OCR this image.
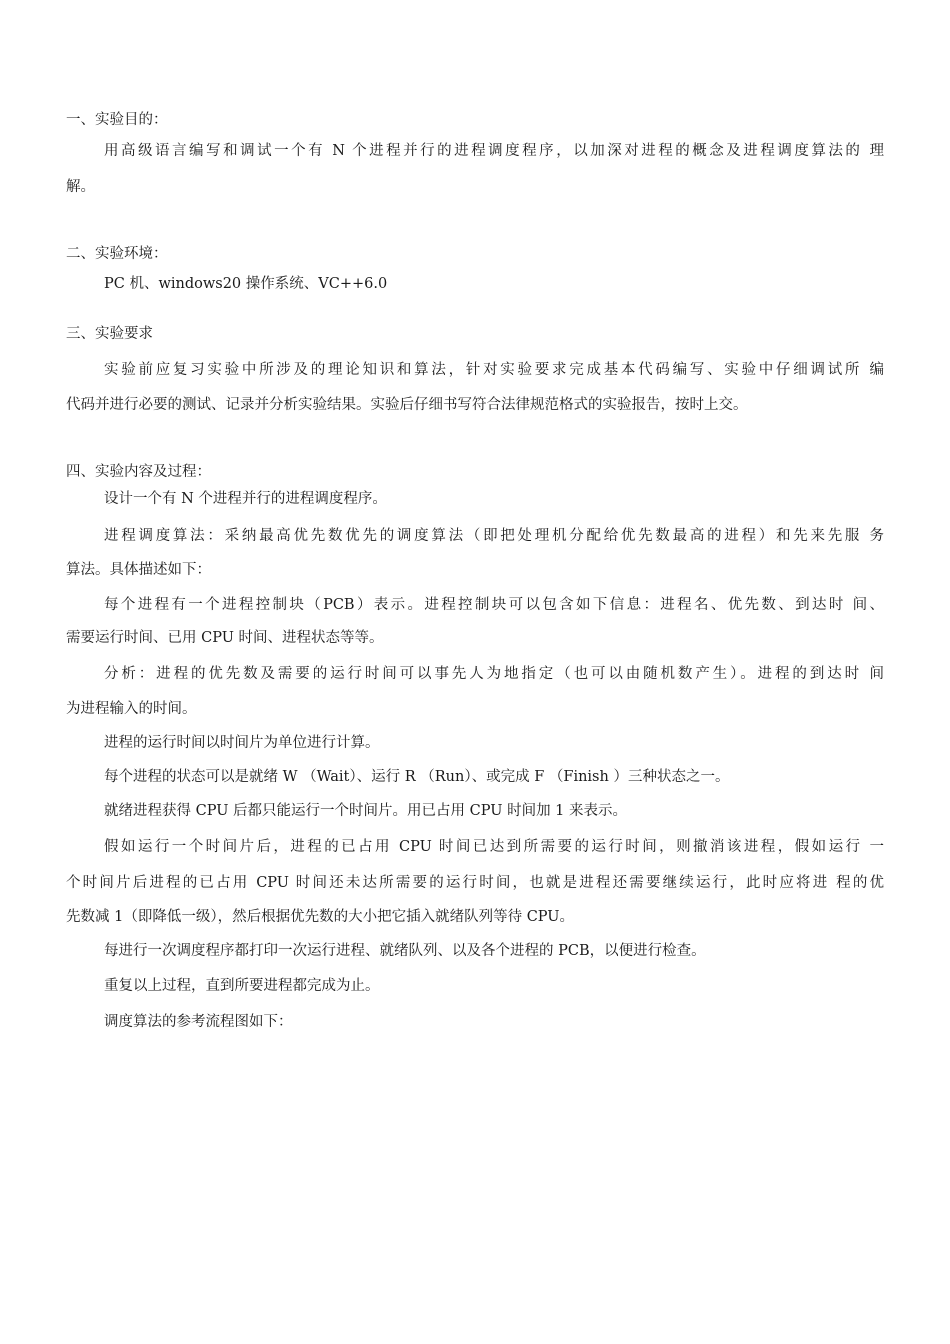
一、实验目的：
用高级语言编写和调试一个有 N 个进程并行的进程调度程序，以加深对进程的概念及进程调度算法的 理
解。
二、实验环境：
PC 机、windows20 操作系统、VC++6.0
三、实验要求
实验前应复习实验中所涉及的理论知识和算法，针对实验要求完成基本代码编写、实验中仔细调试所 编
代码并进行必要的测试、记录并分析实验结果。实验后仔细书写符合法律规范格式的实验报告，按时上交。
四、实验内容及过程：
设计一个有 N 个进程并行的进程调度程序。
进程调度算法：采纳最高优先数优先的调度算法（即把处理机分配给优先数最高的进程）和先来先服 务
算法。具体描述如下：
每个进程有一个进程控制块（PCB）表示。进程控制块可以包含如下信息：进程名、优先数、到达时 间、
需要运行时间、已用 CPU 时间、进程状态等等。
分析：进程的优先数及需要的运行时间可以事先人为地指定（也可以由随机数产生）。进程的到达时 间
为进程输入的时间。
进程的运行时间以时间片为单位进行计算。
每个进程的状态可以是就绪 W （Wait）、运行 R （Run）、或完成 F （Finish ）三种状态之一。
就绪进程获得 CPU 后都只能运行一个时间片。用已占用 CPU 时间加 1 来表示。
假如运行一个时间片后，进程的已占用 CPU 时间已达到所需要的运行时间，则撤消该进程，假如运行 一
个时间片后进程的已占用 CPU 时间还未达所需要的运行时间，也就是进程还需要继续运行，此时应将进 程的优
先数减 1（即降低一级），然后根据优先数的大小把它插入就绪队列等待 CPU。
每进行一次调度程序都打印一次运行进程、就绪队列、以及各个进程的 PCB，以便进行检查。
重复以上过程，直到所要进程都完成为止。
调度算法的参考流程图如下：
